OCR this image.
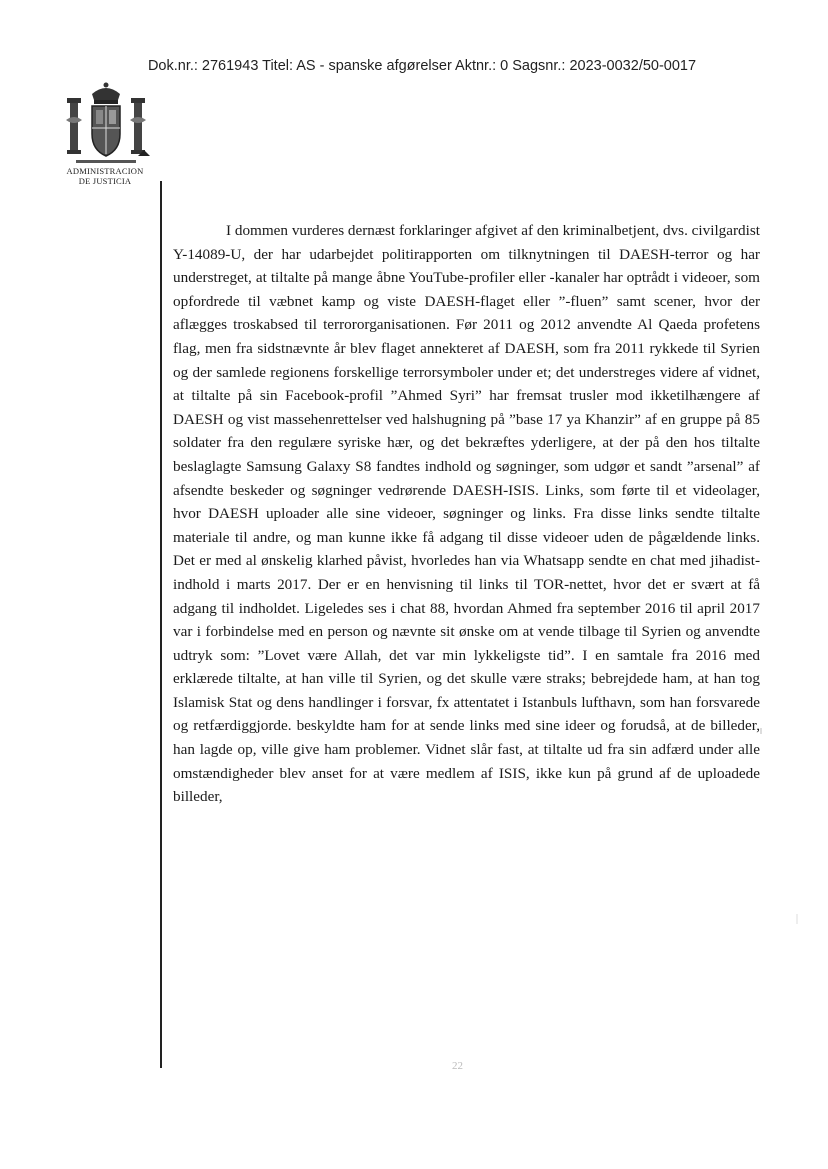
Dok.nr.: 2761943 Titel: AS - spanske afgørelser Aktnr.: 0 Sagsnr.: 2023-0032/50-0017
ADMINISTRACION
DE JUSTICIA
I dommen vurderes dernæst forklaringer afgivet af den kriminalbetjent, dvs. civilgardist Y-14089-U, der har udarbejdet politirapporten om tilknytningen til DAESH-terror og har understreget, at tiltalte på mange åbne YouTube-profiler eller -kanaler har optrådt i videoer, som opfordrede til væbnet kamp og viste DAESH-flaget eller ”-fluen” samt scener, hvor der aflægges troskabsed til terrororganisationen. Før 2011 og 2012 anvendte Al Qaeda profetens flag, men fra sidstnævnte år blev flaget annekteret af DAESH, som fra 2011 rykkede til Syrien og der samlede regionens forskellige terrorsymboler under et; det understreges videre af vidnet, at tiltalte på sin Facebook-profil ”Ahmed Syri” har fremsat trusler mod ikketilhængere af DAESH og vist massehenrettelser ved halshugning på ”base 17 ya Khanzir” af en gruppe på 85 soldater fra den regulære syriske hær, og det bekræftes yderligere, at der på den hos tiltalte beslaglagte Samsung Galaxy S8 fandtes indhold og søgninger, som udgør et sandt ”arsenal” af afsendte beskeder og søgninger vedrørende DAESH-ISIS. Links, som førte til et videolager, hvor DAESH uploader alle sine videoer, søgninger og links. Fra disse links sendte tiltalte materiale til andre, og man kunne ikke få adgang til disse videoer uden de pågældende links. Det er med al ønskelig klarhed påvist, hvorledes han via Whatsapp sendte en chat med jihadist-indhold i marts 2017. Der er en henvisning til links til TOR-nettet, hvor det er svært at få adgang til indholdet. Ligeledes ses i chat 88, hvordan Ahmed fra september 2016 til april 2017 var i forbindelse med en person og nævnte sit ønske om at vende tilbage til Syrien og anvendte udtryk som: ”Lovet være Allah, det var min lykkeligste tid”. I en samtale fra 2016 med erklærede tiltalte, at han ville til Syrien, og det skulle være straks; bebrejdede ham, at han tog Islamisk Stat og dens handlinger i forsvar, fx attentatet i Istanbuls lufthavn, som han forsvarede og retfærdiggjorde. beskyldte ham for at sende links med sine ideer og forudså, at de billeder, han lagde op, ville give ham problemer. Vidnet slår fast, at tiltalte ud fra sin adfærd under alle omstændigheder blev anset for at være medlem af ISIS, ikke kun på grund af de uploadede billeder,
22
